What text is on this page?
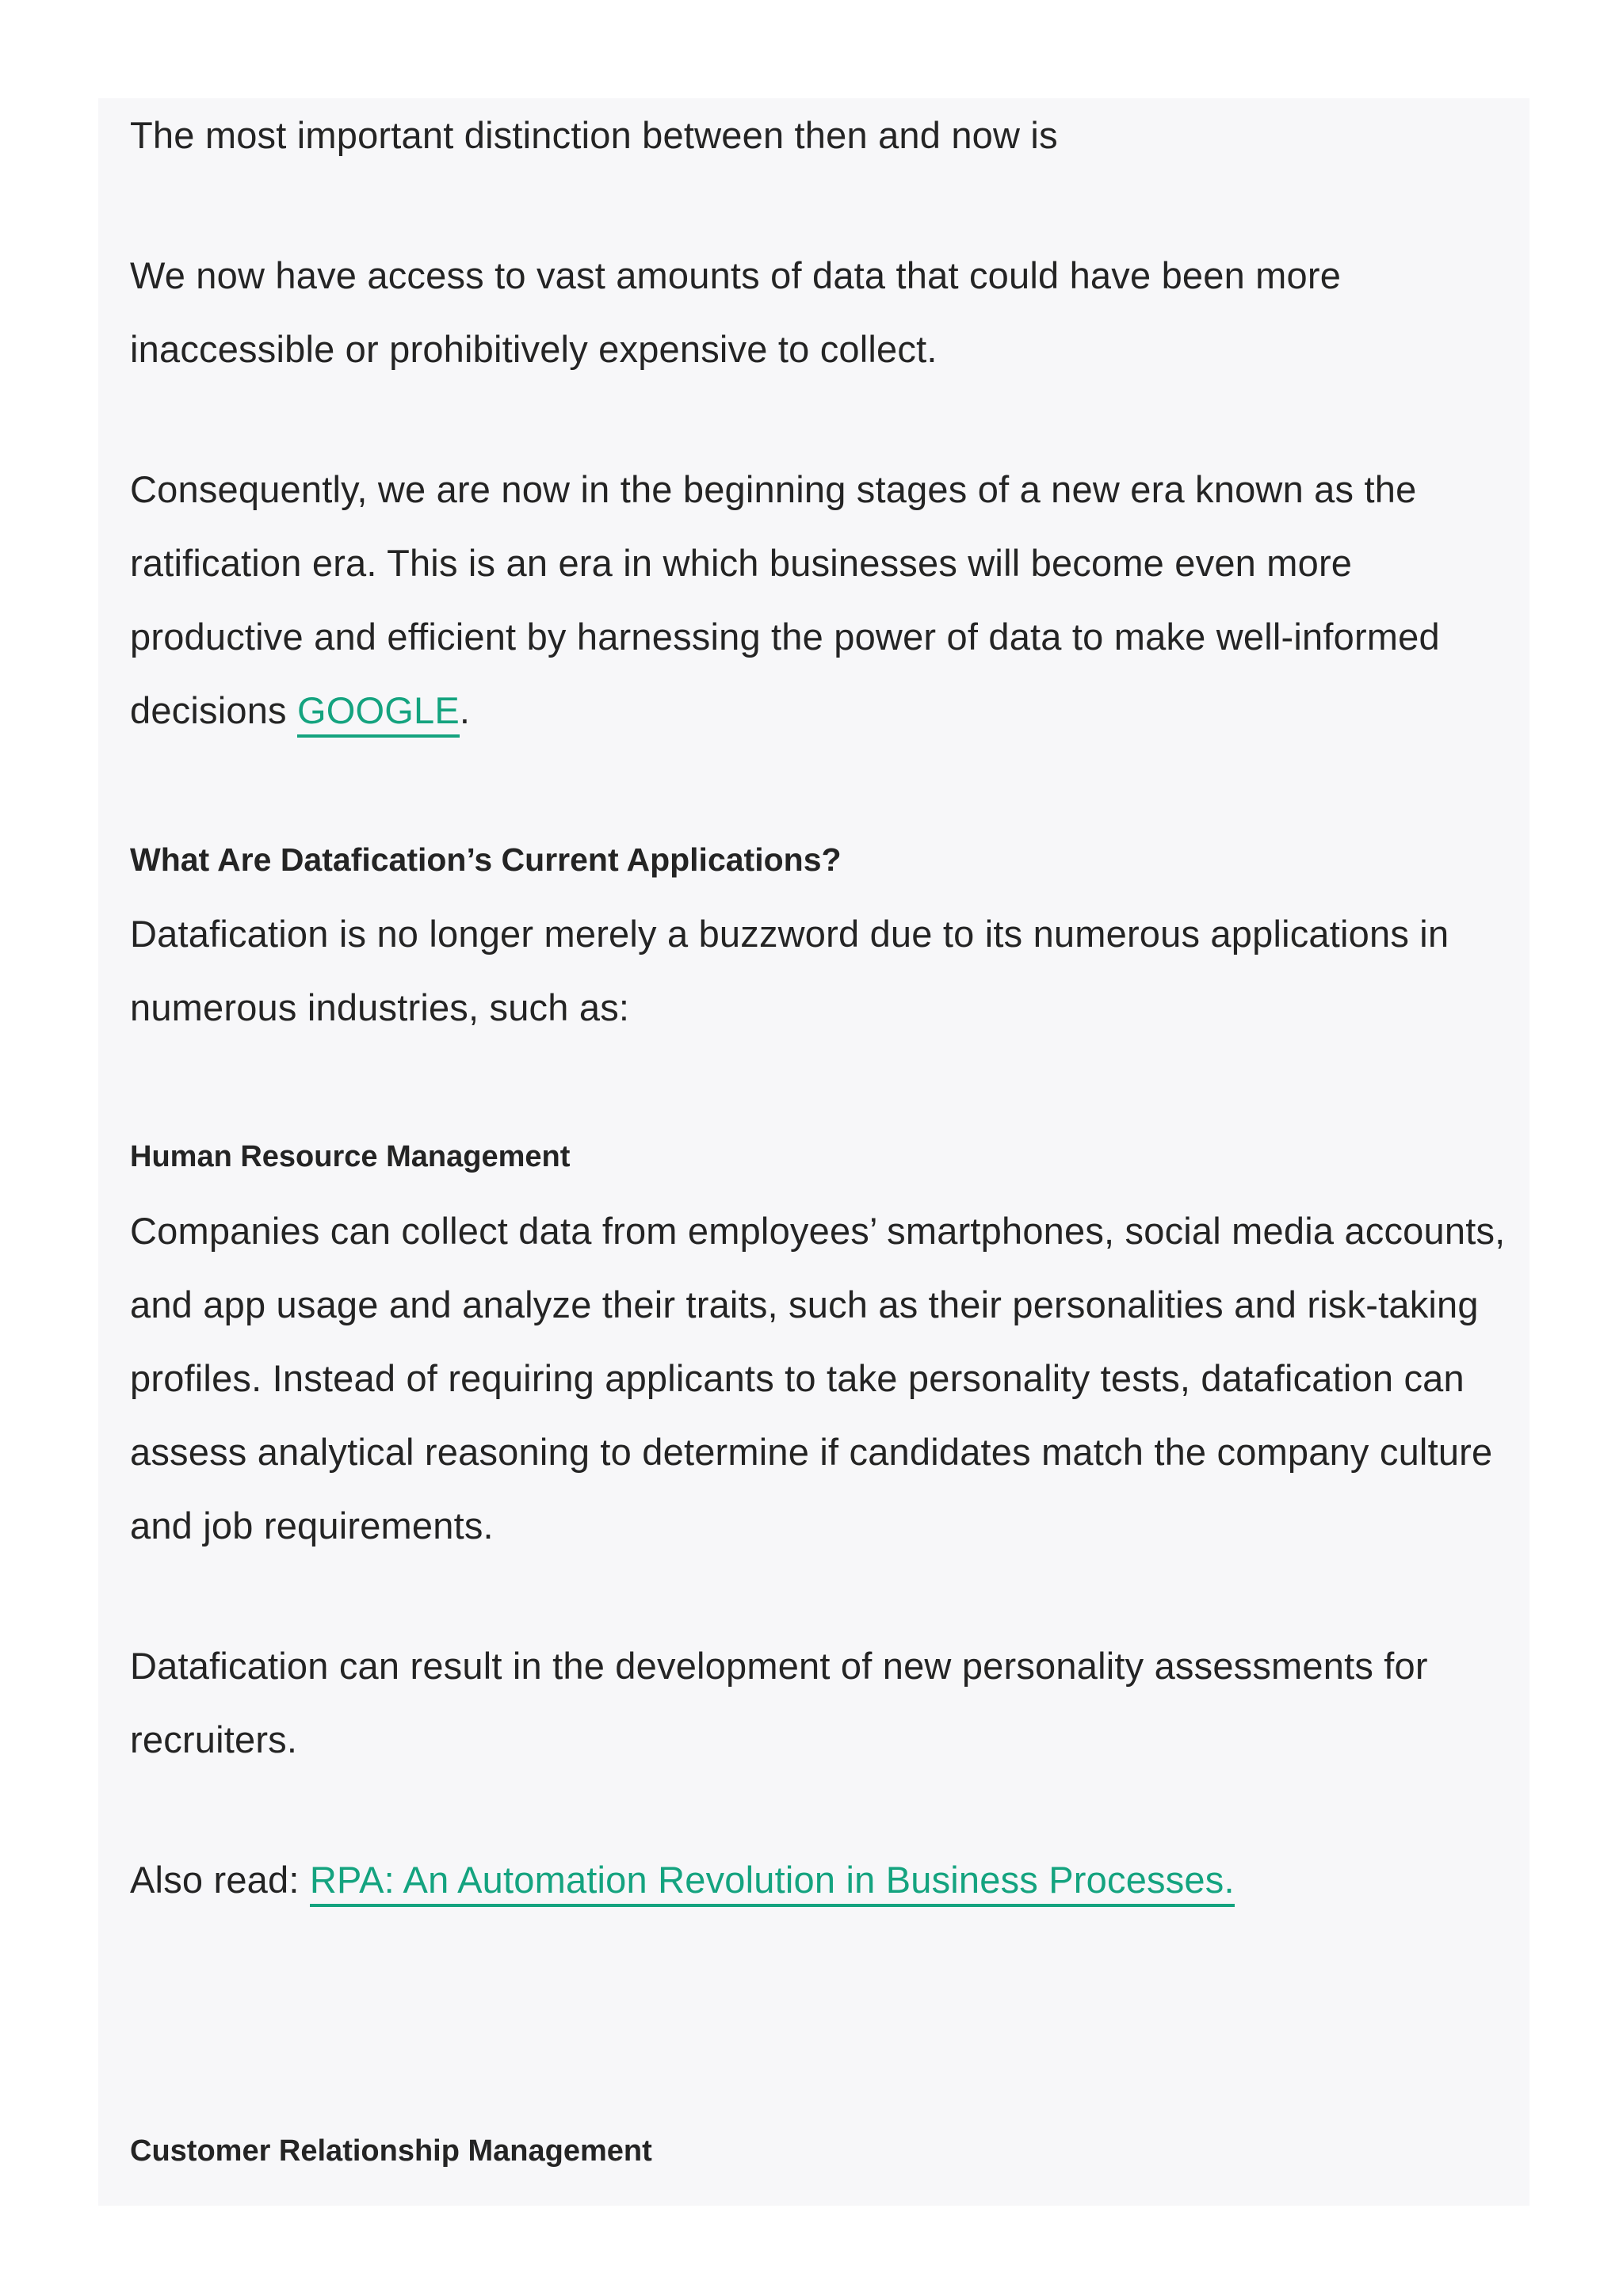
The most important distinction between then and now is

We now have access to vast amounts of data that could have been more inaccessible or prohibitively expensive to collect.

Consequently, we are now in the beginning stages of a new era known as the ratification era. This is an era in which businesses will become even more productive and efficient by harnessing the power of data to make well-informed decisions GOOGLE.

What Are Datafication’s Current Applications?

Datafication is no longer merely a buzzword due to its numerous applications in numerous industries, such as:

Human Resource Management

Companies can collect data from employees’ smartphones, social media accounts, and app usage and analyze their traits, such as their personalities and risk-taking profiles. Instead of requiring applicants to take personality tests, datafication can assess analytical reasoning to determine if candidates match the company culture and job requirements.

Datafication can result in the development of new personality assessments for recruiters.

Also read: RPA: An Automation Revolution in Business Processes.

Customer Relationship Management
